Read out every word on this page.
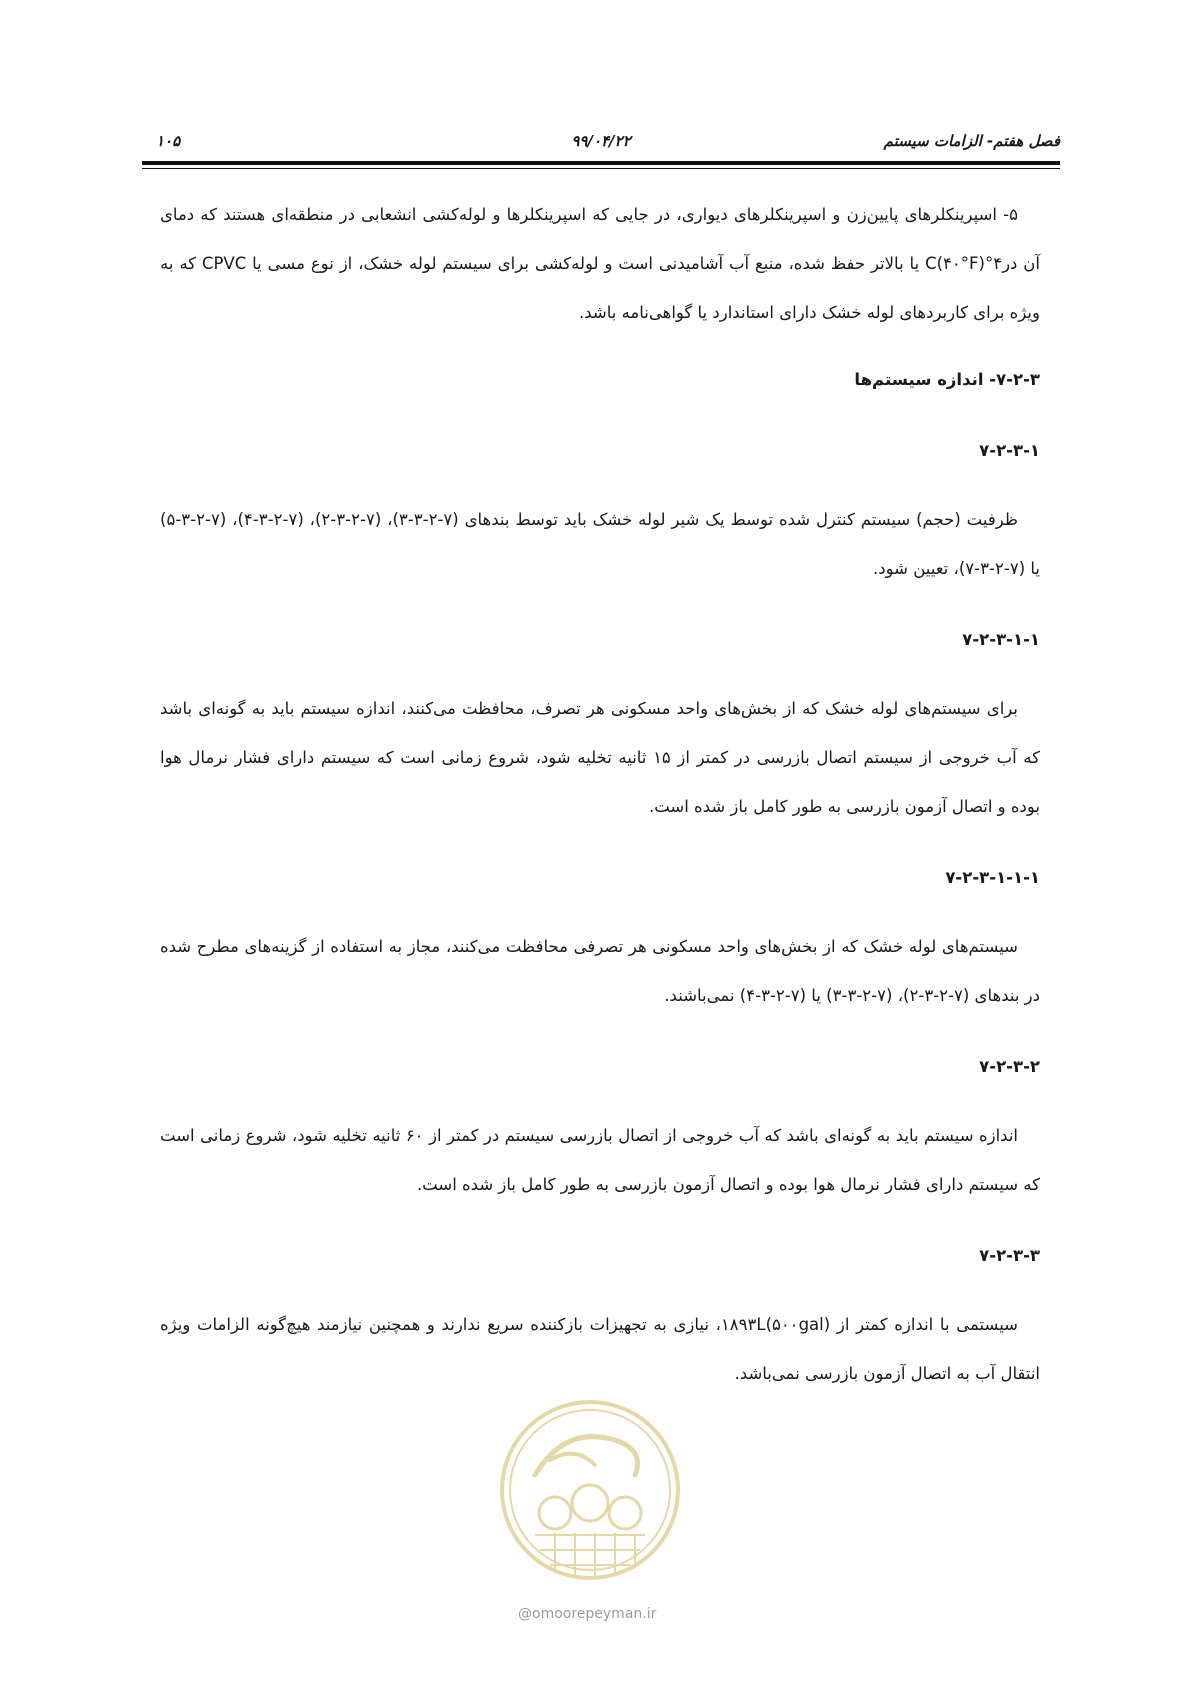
فصل هفتم- الزامات سیستم
۹۹/۰۴/۲۲
۱۰۵

۵- اسپرینکلرهای پایین‌زن و اسپرینکلرهای دیواری، در جایی که اسپرینکلرها و لوله‌کشی انشعابی در منطقه‌ای هستند که دمای آن در‌۴°C(۴۰°F) یا بالاتر حفظ شده، منبع آب آشامیدنی است و لوله‌کشی برای سیستم لوله خشک، از نوع مسی یا CPVC که به ویژه برای کاربردهای لوله خشک دارای استاندارد یا گواهی‌نامه باشد.

۷-۲-۳- اندازه سیستم‌ها

۷-۲-۳-۱

ظرفیت (حجم) سیستم کنترل شده توسط یک شیر لوله خشک باید توسط بندهای (۷-۲-۳-۳)، (۷-۲-۳-۲)، (۷-۲-۳-۴)، (۷-۲-۳-۵) یا (۷-۲-۳-۷)، تعیین شود.

۷-۲-۳-۱-۱

برای سیستم‌های لوله خشک که از بخش‌های واحد مسکونی هر تصرف، محافظت می‌کنند، اندازه سیستم باید به گونه‌ای باشد که آب خروجی از سیستم اتصال بازرسی در کمتر از ۱۵ ثانیه تخلیه شود، شروع زمانی است که سیستم دارای فشار نرمال هوا بوده و اتصال آزمون بازرسی به طور کامل باز شده است.

۷-۲-۳-۱-۱-۱

سیستم‌های لوله خشک که از بخش‌های واحد مسکونی هر تصرفی محافظت می‌کنند، مجاز به استفاده از گزینه‌های مطرح شده در بندهای (۷-۲-۳-۲)، (۷-۲-۳-۳) یا (۷-۲-۳-۴) نمی‌باشند.

۷-۲-۳-۲

اندازه سیستم باید به گونه‌ای باشد که آب خروجی از اتصال بازرسی سیستم در کمتر از ۶۰ ثانیه تخلیه شود، شروع زمانی است که سیستم دارای فشار نرمال هوا بوده و اتصال آزمون بازرسی به طور کامل باز شده است.

۷-۲-۳-۳

سیستمی با اندازه کمتر از ۱۸۹۳L(۵۰۰gal)، نیازی به تجهیزات بازکننده سریع ندارند و همچنین نیازمند هیچ‌گونه الزامات ویژه انتقال آب به اتصال آزمون بازرسی نمی‌باشد.

@omoorepeyman.ir
